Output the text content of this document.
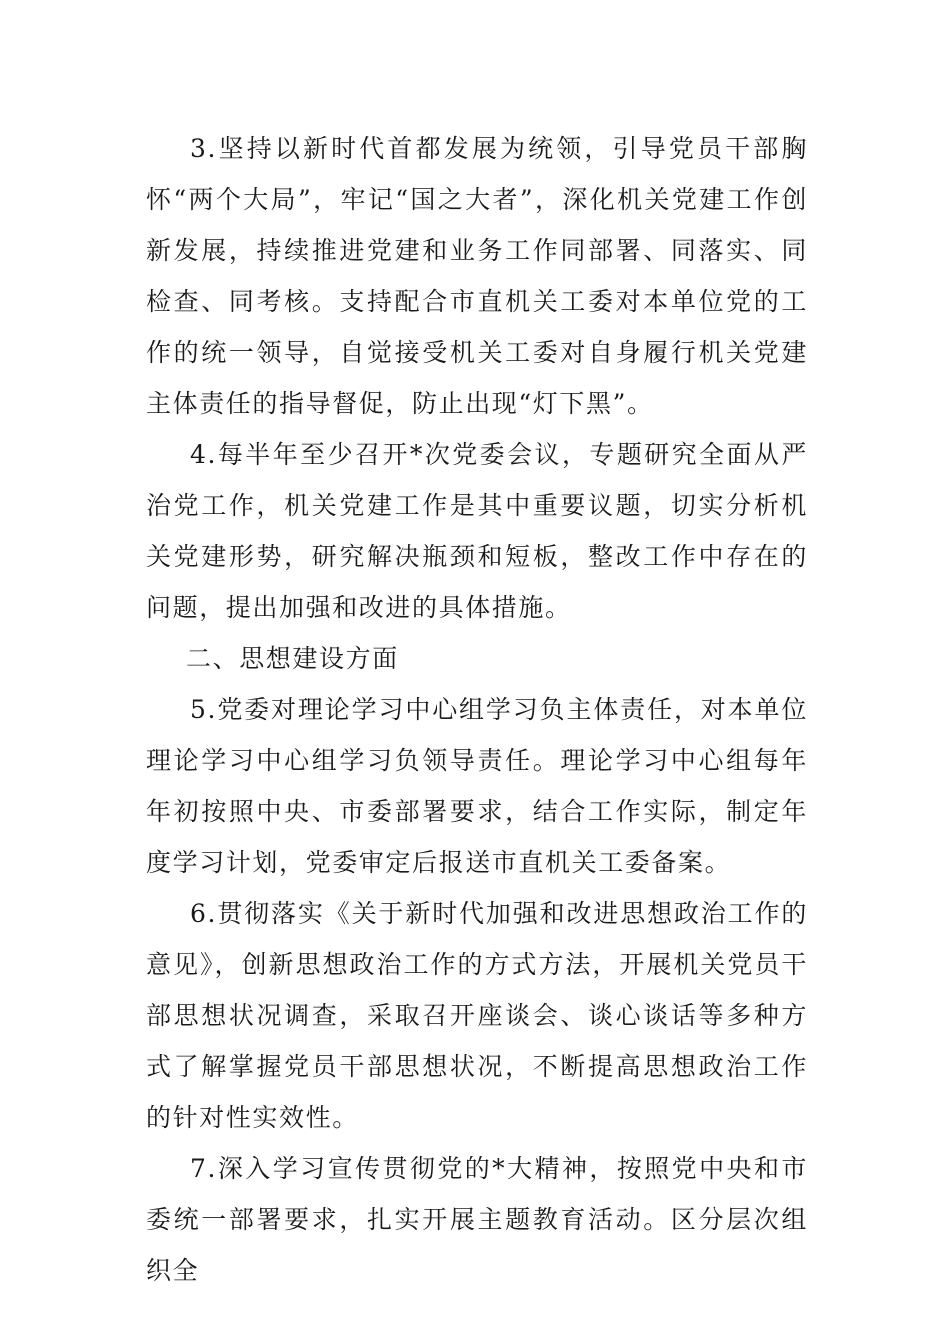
3.坚持以新时代首都发展为统领，引导党员干部胸怀“两个大局”，牢记“国之大者”，深化机关党建工作创新发展，持续推进党建和业务工作同部署、同落实、同检查、同考核。支持配合市直机关工委对本单位党的工作的统一领导，自觉接受机关工委对自身履行机关党建主体责任的指导督促，防止出现“灯下黑”。

4.每半年至少召开*次党委会议，专题研究全面从严治党工作，机关党建工作是其中重要议题，切实分析机关党建形势，研究解决瓶颈和短板，整改工作中存在的问题，提出加强和改进的具体措施。

二、思想建设方面

5.党委对理论学习中心组学习负主体责任，对本单位理论学习中心组学习负领导责任。理论学习中心组每年年初按照中央、市委部署要求，结合工作实际，制定年度学习计划，党委审定后报送市直机关工委备案。

6.贯彻落实《关于新时代加强和改进思想政治工作的意见》，创新思想政治工作的方式方法，开展机关党员干部思想状况调查，采取召开座谈会、谈心谈话等多种方式了解掌握党员干部思想状况，不断提高思想政治工作的针对性实效性。

7.深入学习宣传贯彻党的*大精神，按照党中央和市委统一部署要求，扎实开展主题教育活动。区分层次组织全
